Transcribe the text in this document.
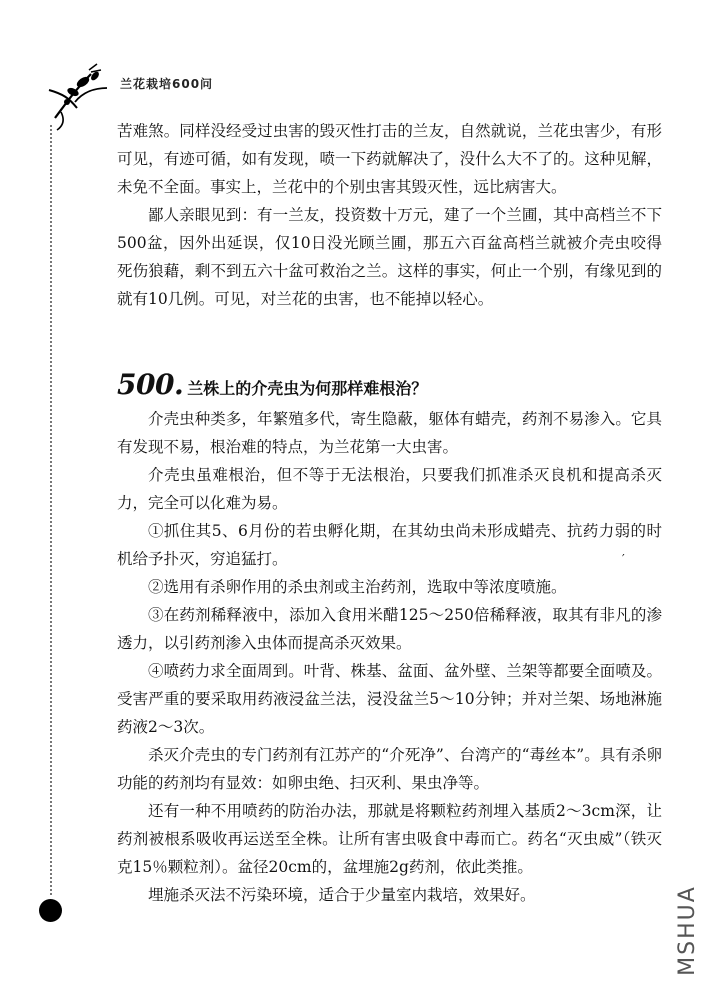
兰花栽培600问

苦难煞。同样没经受过虫害的毁灭性打击的兰友，自然就说，兰花虫害少，有形可见，有迹可循，如有发现，喷一下药就解决了，没什么大不了的。这种见解，未免不全面。事实上，兰花中的个别虫害其毁灭性，远比病害大。

鄙人亲眼见到：有一兰友，投资数十万元，建了一个兰圃，其中高档兰不下500盆，因外出延误，仅10日没光顾兰圃，那五六百盆高档兰就被介壳虫咬得死伤狼藉，剩不到五六十盆可救治之兰。这样的事实，何止一个别，有缘见到的就有10几例。可见，对兰花的虫害，也不能掉以轻心。

500. 兰株上的介壳虫为何那样难根治？

介壳虫种类多，年繁殖多代，寄生隐蔽，躯体有蜡壳，药剂不易渗入。它具有发现不易，根治难的特点，为兰花第一大虫害。

介壳虫虽难根治，但不等于无法根治，只要我们抓准杀灭良机和提高杀灭力，完全可以化难为易。

①抓住其5、6月份的若虫孵化期，在其幼虫尚未形成蜡壳、抗药力弱的时机给予扑灭，穷追猛打。

②选用有杀卵作用的杀虫剂或主治药剂，选取中等浓度喷施。

③在药剂稀释液中，添加入食用米醋125～250倍稀释液，取其有非凡的渗透力，以引药剂渗入虫体而提高杀灭效果。

④喷药力求全面周到。叶背、株基、盆面、盆外壁、兰架等都要全面喷及。受害严重的要采取用药液浸盆兰法，浸没盆兰5～10分钟；并对兰架、场地淋施药液2～3次。

杀灭介壳虫的专门药剂有江苏产的“介死净”、台湾产的“毒丝本”。具有杀卵功能的药剂均有显效：如卵虫绝、扫灭利、果虫净等。

还有一种不用喷药的防治办法，那就是将颗粒药剂埋入基质2～3cm深，让药剂被根系吸收再运送至全株。让所有害虫吸食中毒而亡。药名“灭虫威”（铁灭克15％颗粒剂）。盆径20cm的，盆埋施2g药剂，依此类推。

埋施杀灭法不污染环境，适合于少量室内栽培，效果好。

′
MSHUA
